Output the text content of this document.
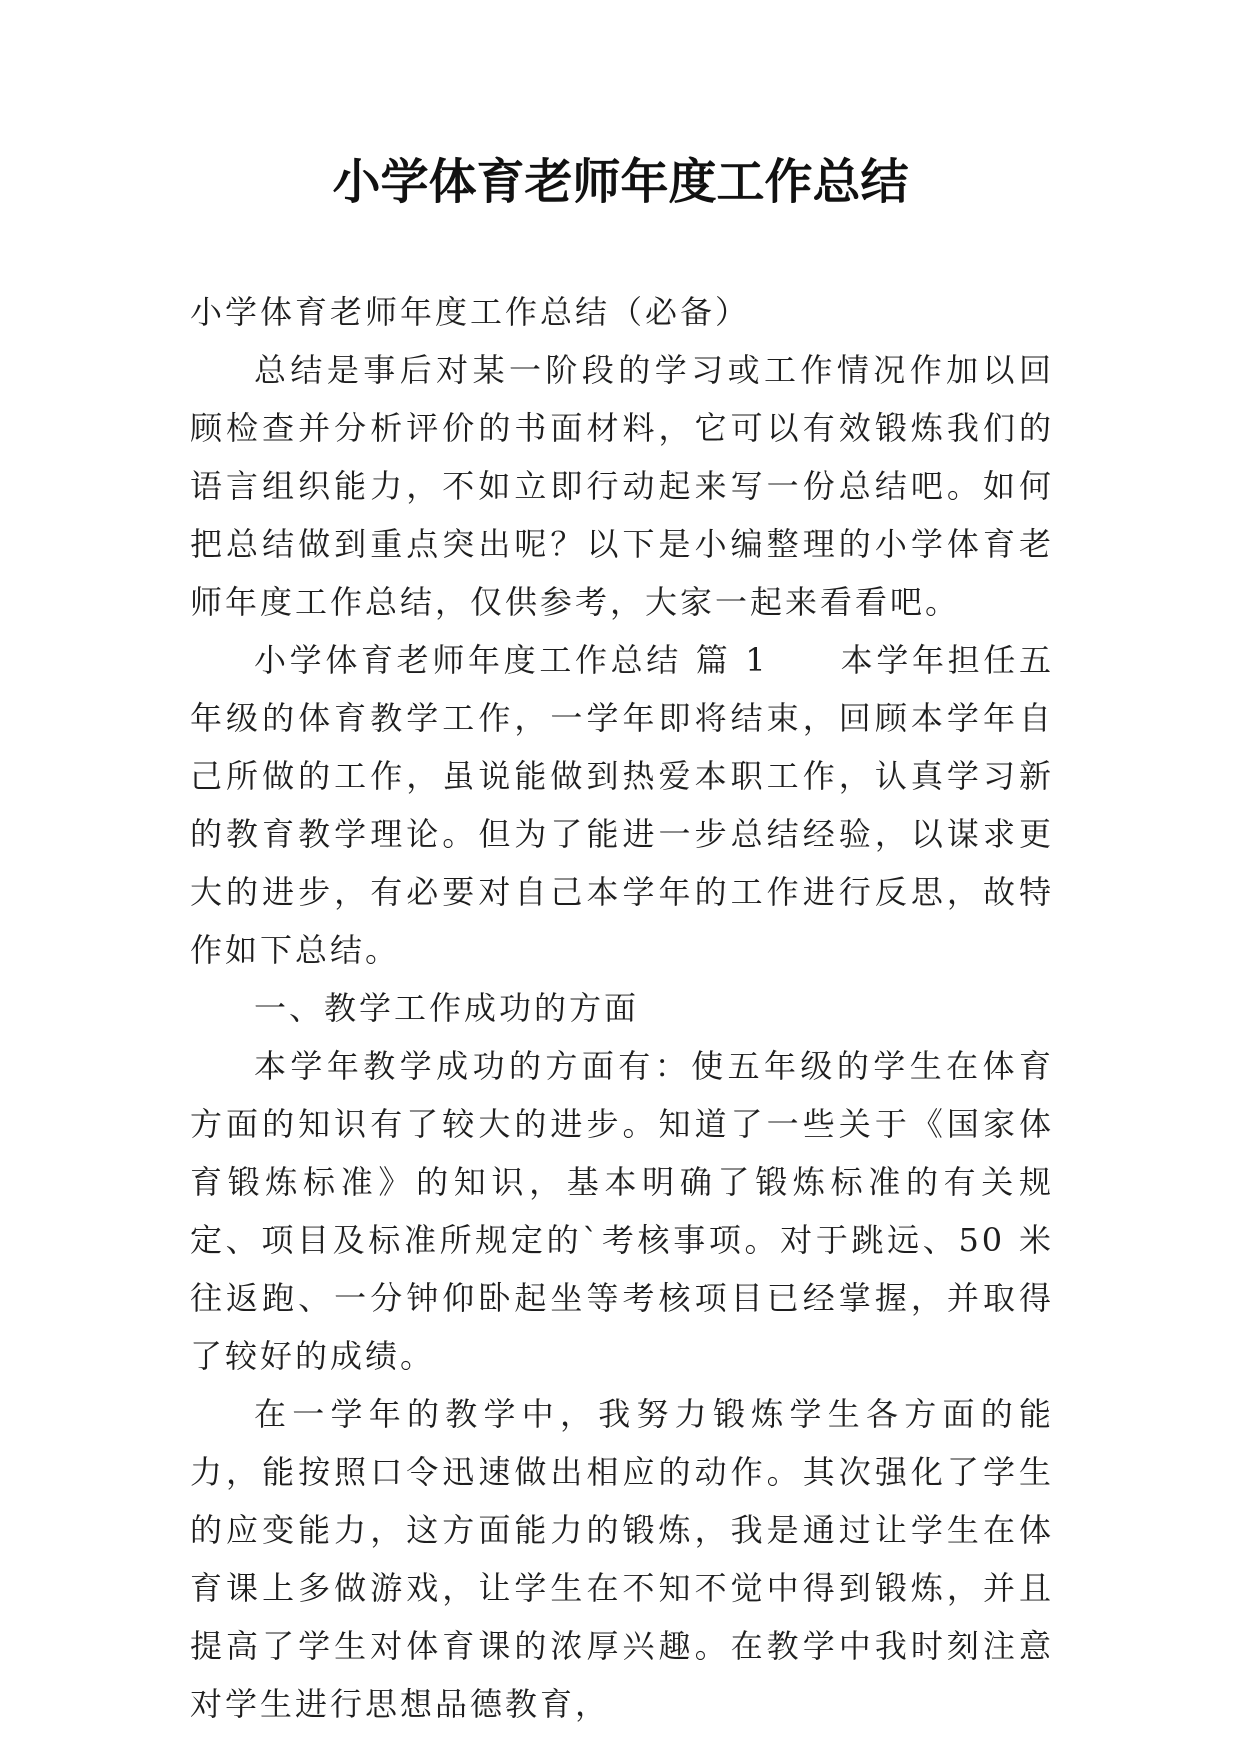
小学体育老师年度工作总结

小学体育老师年度工作总结（必备）

总结是事后对某一阶段的学习或工作情况作加以回顾检查并分析评价的书面材料，它可以有效锻炼我们的语言组织能力，不如立即行动起来写一份总结吧。如何把总结做到重点突出呢？以下是小编整理的小学体育老师年度工作总结，仅供参考，大家一起来看看吧。

小学体育老师年度工作总结 篇 1　　本学年担任五年级的体育教学工作，一学年即将结束，回顾本学年自己所做的工作，虽说能做到热爱本职工作，认真学习新的教育教学理论。但为了能进一步总结经验，以谋求更大的进步，有必要对自己本学年的工作进行反思，故特作如下总结。

一、教学工作成功的方面

本学年教学成功的方面有：使五年级的学生在体育方面的知识有了较大的进步。知道了一些关于《国家体育锻炼标准》的知识，基本明确了锻炼标准的有关规定、项目及标准所规定的`考核事项。对于跳远、50 米往返跑、一分钟仰卧起坐等考核项目已经掌握，并取得了较好的成绩。

在一学年的教学中，我努力锻炼学生各方面的能力，能按照口令迅速做出相应的动作。其次强化了学生的应变能力，这方面能力的锻炼，我是通过让学生在体育课上多做游戏，让学生在不知不觉中得到锻炼，并且提高了学生对体育课的浓厚兴趣。在教学中我时刻注意对学生进行思想品德教育，
